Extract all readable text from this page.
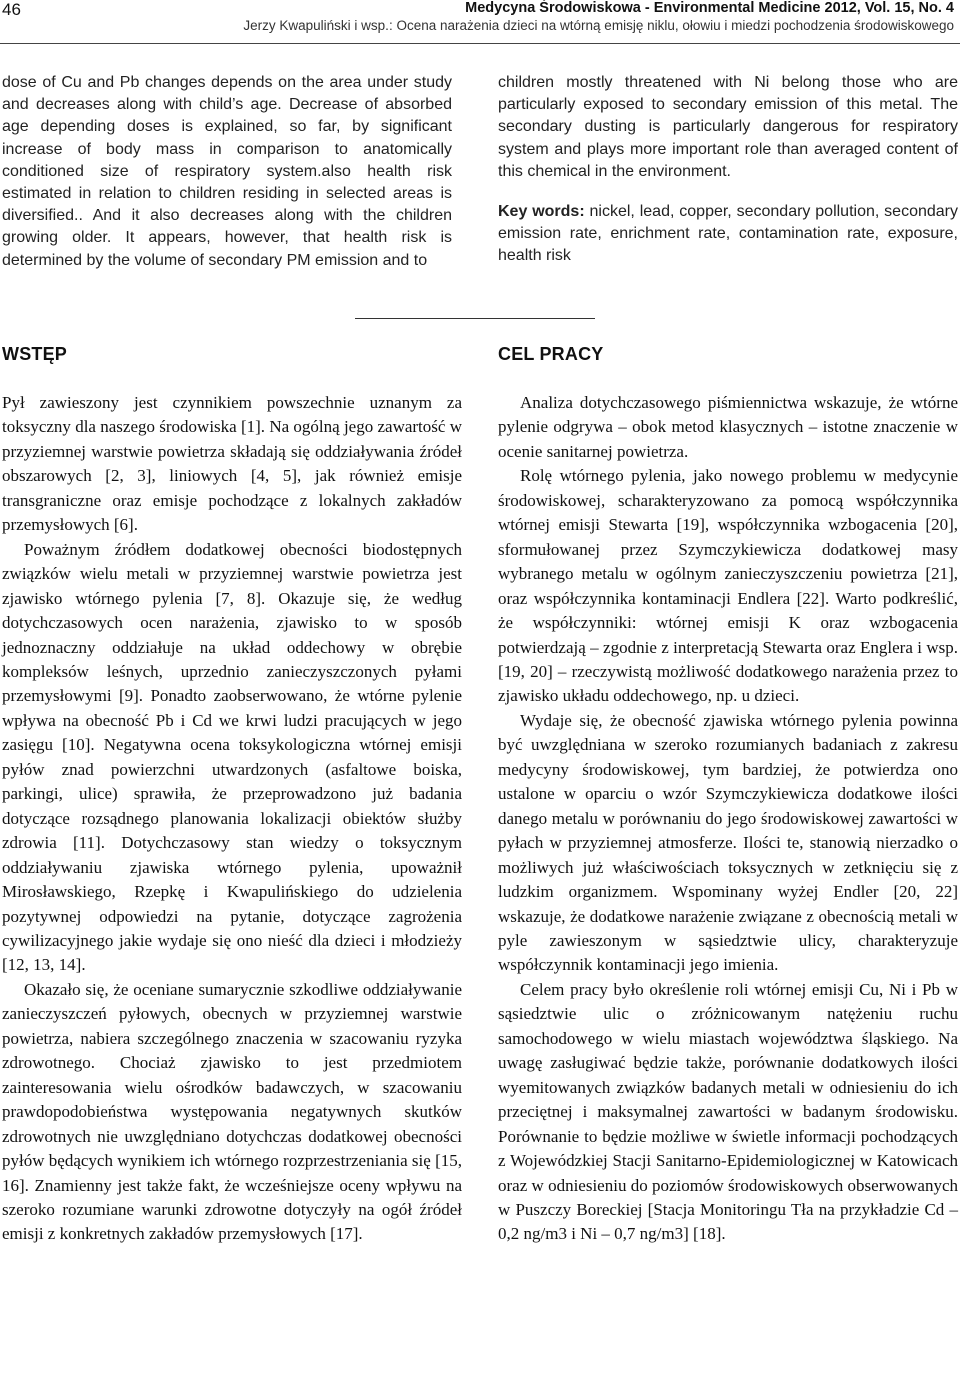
46	Medycyna Środowiskowa - Environmental Medicine 2012, Vol. 15, No. 4
Jerzy Kwapuliński i wsp.: Ocena narażenia dzieci na wtórną emisję niklu, ołowiu i miedzi pochodzenia środowiskowego

dose of Cu and Pb changes depends on the area under study and decreases along with child’s age. Decrease of absorbed age depending doses is explained, so far, by significant increase of body mass in comparison to anatomically conditioned size of respiratory system.also health risk estimated in relation to children residing in selected areas is diversified.. And it also decreases along with the children growing older. It appears, however, that health risk is determined by the volume of secondary PM emission and to

children mostly threatened with Ni belong those who are particularly exposed to secondary emission of this metal. The secondary dusting is particularly dangerous for respiratory system and plays more important role than averaged content of this chemical in the environment.

Key words: nickel, lead, copper, secondary pollution, secondary emission rate, enrichment rate, contamination rate, exposure, health risk

WSTĘP	CEL PRACY

Pył zawieszony jest czynnikiem powszechnie uznanym za toksyczny dla naszego środowiska [1]. Na ogólną jego zawartość w przyziemnej warstwie powietrza składają się oddziaływania źródeł obszarowych [2, 3], liniowych [4, 5], jak również emisje transgraniczne oraz emisje pochodzące z lokalnych zakładów przemysłowych [6].

Poważnym źródłem dodatkowej obecności biodostępnych związków wielu metali w przyziemnej warstwie powietrza jest zjawisko wtórnego pylenia [7, 8]. Okazuje się, że według dotychczasowych ocen narażenia, zjawisko to w sposób jednoznaczny oddziałuje na układ oddechowy w obrębie kompleksów leśnych, uprzednio zanieczyszczonych pyłami przemysłowymi [9]. Ponadto zaobserwowano, że wtórne pylenie wpływa na obecność Pb i Cd we krwi ludzi pracujących w jego zasięgu [10]. Negatywna ocena toksykologiczna wtórnej emisji pyłów znad powierzchni utwardzonych (asfaltowe boiska, parkingi, ulice) sprawiła, że przeprowadzono już badania dotyczące rozsądnego planowania lokalizacji obiektów służby zdrowia [11]. Dotychczasowy stan wiedzy o toksycznym oddziaływaniu zjawiska wtórnego pylenia, upoważnił Mirosławskiego, Rzepkę i Kwapulińskiego do udzielenia pozytywnej odpowiedzi na pytanie, dotyczące zagrożenia cywilizacyjnego jakie wydaje się ono nieść dla dzieci i młodzieży [12, 13, 14].

Okazało się, że oceniane sumarycznie szkodliwe oddziaływanie zanieczyszczeń pyłowych, obecnych w przyziemnej warstwie powietrza, nabiera szczególnego znaczenia w szacowaniu ryzyka zdrowotnego. Chociaż zjawisko to jest przedmiotem zainteresowania wielu ośrodków badawczych, w szacowaniu prawdopodobieństwa występowania negatywnych skutków zdrowotnych nie uwzględniano dotychczas dodatkowej obecności pyłów będących wynikiem ich wtórnego rozprzestrzeniania się [15, 16]. Znamienny jest także fakt, że wcześniejsze oceny wpływu na szeroko rozumiane warunki zdrowotne dotyczyły na ogół źródeł emisji z konkretnych zakładów przemysłowych [17].

Analiza dotychczasowego piśmiennictwa wskazuje, że wtórne pylenie odgrywa – obok metod klasycznych – istotne znaczenie w ocenie sanitarnej powietrza.

Rolę wtórnego pylenia, jako nowego problemu w medycynie środowiskowej, scharakteryzowano za pomocą współczynnika wtórnej emisji Stewarta [19], współczynnika wzbogacenia [20], sformułowanej przez Szymczykiewicza dodatkowej masy wybranego metalu w ogólnym zanieczyszczeniu powietrza [21], oraz współczynnika kontaminacji Endlera [22]. Warto podkreślić, że współczynniki: wtórnej emisji K oraz wzbogacenia potwierdzają – zgodnie z interpretacją Stewarta oraz Englera i wsp. [19, 20] – rzeczywistą możliwość dodatkowego narażenia przez to zjawisko układu oddechowego, np. u dzieci.

Wydaje się, że obecność zjawiska wtórnego pylenia powinna być uwzględniana w szeroko rozumianych badaniach z zakresu medycyny środowiskowej, tym bardziej, że potwierdza ono ustalone w oparciu o wzór Szymczykiewicza dodatkowe ilości danego metalu w porównaniu do jego środowiskowej zawartości w pyłach w przyziemnej atmosferze. Ilości te, stanowią nierzadko o możliwych już właściwościach toksycznych w zetknięciu się z ludzkim organizmem. Wspominany wyżej Endler [20, 22] wskazuje, że dodatkowe narażenie związane z obecnością metali w pyle zawieszonym w sąsiedztwie ulicy, charakteryzuje współczynnik kontaminacji jego imienia.

Celem pracy było określenie roli wtórnej emisji Cu, Ni i Pb w sąsiedztwie ulic o zróżnicowanym natężeniu ruchu samochodowego w wielu miastach województwa śląskiego. Na uwagę zasługiwać będzie także, porównanie dodatkowych ilości wyemitowanych związków badanych metali w odniesieniu do ich przeciętnej i maksymalnej zawartości w badanym środowisku. Porównanie to będzie możliwe w świetle informacji pochodzących z Wojewódzkiej Stacji Sanitarno-Epidemiologicznej w Katowicach oraz w odniesieniu do poziomów środowiskowych obserwowanych w Puszczy Boreckiej [Stacja Monitoringu Tła na przykładzie Cd – 0,2 ng/m3 i Ni – 0,7 ng/m3] [18].
